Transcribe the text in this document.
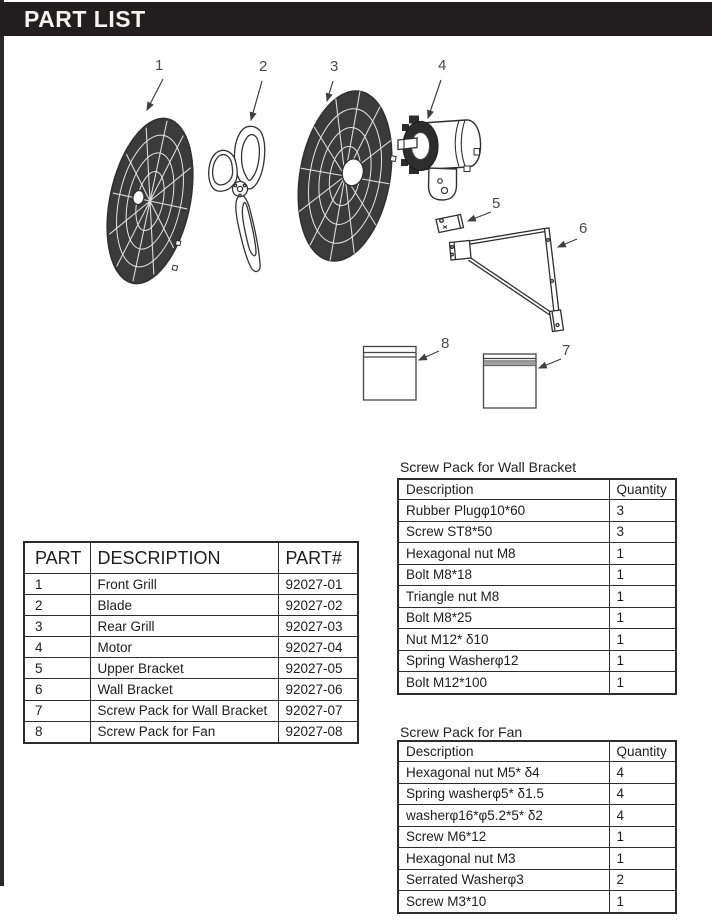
PART LIST
1	2	3	4
5
6
7
8
PART	DESCRIPTION	PART#
1	Front Grill	92027-01
2	Blade	92027-02
3	Rear Grill	92027-03
4	Motor	92027-04
5	Upper Bracket	92027-05
6	Wall Bracket	92027-06
7	Screw Pack for Wall Bracket	92027-07
8	Screw Pack for Fan	92027-08
Screw Pack for Wall Bracket
Description	Quantity
Rubber Plugφ10*60	3
Screw ST8*50	3
Hexagonal nut M8	1
Bolt M8*18	1
Triangle nut M8	1
Bolt M8*25	1
Nut M12* δ10	1
Spring Washerφ12	1
Bolt M12*100	1
Screw Pack for Fan
Description	Quantity
Hexagonal nut M5* δ4	4
Spring washerφ5* δ1.5	4
washerφ16*φ5.2*5* δ2	4
Screw M6*12	1
Hexagonal nut M3	1
Serrated Washerφ3	2
Screw M3*10	1
